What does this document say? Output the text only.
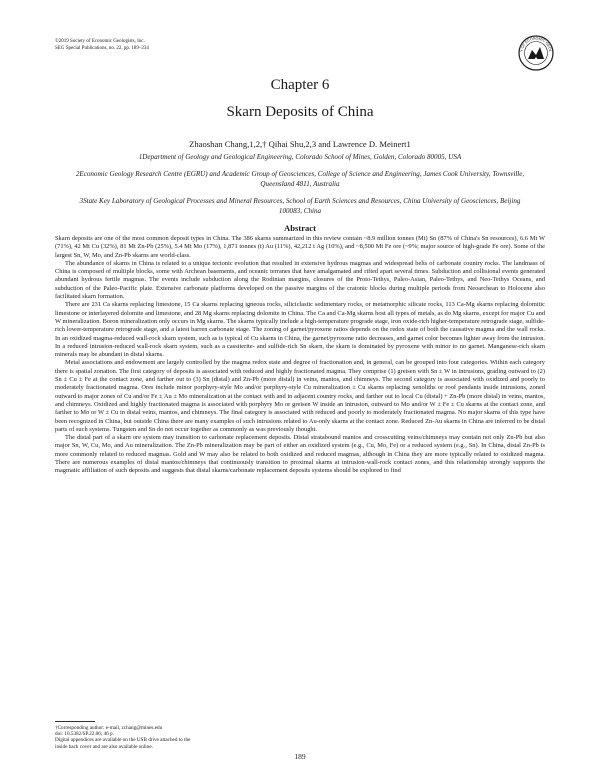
©2019 Society of Economic Geologists, Inc.
SEG Special Publications, no. 22, pp. 189–234
Y OF ECONOMIC GEOL
Chapter 6
Skarn Deposits of China
Zhaoshan Chang,1,2,† Qihai Shu,2,3 and Lawrence D. Meinert1
1Department of Geology and Geological Engineering, Colorado School of Mines, Golden, Colorado 80005, USA
2Economic Geology Research Centre (EGRU) and Academic Group of Geosciences, College of Science and Engineering, James Cook University, Townsville, Queensland 4811, Australia
3State Key Laboratory of Geological Processes and Mineral Resources, School of Earth Sciences and Resources, China University of Geosciences, Beijing 100083, China
Abstract

Skarn deposits are one of the most common deposit types in China. The 386 skarns summarized in this review contain ~8.9 million tonnes (Mt) Sn (87% of China's Sn resources), 6.6 Mt W (71%), 42 Mt Cu (32%), 81 Mt Zn-Pb (25%), 5.4 Mt Mo (17%), 1,871 tonnes (t) Au (11%), 42,212 t Ag (10%), and ~8,500 Mt Fe ore (~9%; major source of high-grade Fe ore). Some of the largest Sn, W, Mo, and Zn-Pb skarns are world-class.

The abundance of skarns in China is related to a unique tectonic evolution that resulted in extensive hydrous magmas and widespread belts of carbonate country rocks. The landmass of China is composed of multiple blocks, some with Archean basements, and oceanic terranes that have amalgamated and rifted apart several times. Subduction and collisional events generated abundant hydrous fertile magmas. The events include subduction along the Rodinian margins, closures of the Proto-Tethys, Paleo-Asian, Paleo-Tethys, and Neo-Tethys Oceans, and subduction of the Paleo-Pacific plate. Extensive carbonate platforms developed on the passive margins of the cratonic blocks during multiple periods from Neoarchean to Holocene also facilitated skarn formation.

There are 231 Ca skarns replacing limestone, 15 Ca skarns replacing igneous rocks, siliciclastic sedimentary rocks, or metamorphic silicate rocks, 113 Ca-Mg skarns replacing dolomitic limestone or interlayered dolomite and limestone, and 28 Mg skarns replacing dolomite in China. The Ca and Ca-Mg skarns host all types of metals, as do Mg skarns, except for major Cu and W mineralization. Boron mineralization only occurs in Mg skarns. The skarns typically include a high-temperature prograde stage, iron oxide-rich higher-temperature retrograde stage, sulfide-rich lower-temperature retrograde stage, and a latest barren carbonate stage. The zoning of garnet/pyroxene ratios depends on the redox state of both the causative magma and the wall rocks. In an oxidized magma-reduced wall-rock skarn system, such as is typical of Cu skarns in China, the garnet/pyroxene ratio decreases, and garnet color becomes lighter away from the intrusion. In a reduced intrusion-reduced wall-rock skarn system, such as a cassiterite- and sulfide-rich Sn skarn, the skarn is dominated by pyroxene with minor to no garnet. Manganese-rich skarn minerals may be abundant in distal skarns.

Metal associations and endowment are largely controlled by the magma redox state and degree of fractionation and, in general, can be grouped into four categories. Within each category there is spatial zonation. The first category of deposits is associated with reduced and highly fractionated magma. They comprise (1) greisen with Sn ± W in intrusions, grading outward to (2) Sn ± Cu ± Fe at the contact zone, and farther out to (3) Sn (distal) and Zn-Pb (more distal) in veins, mantos, and chimneys. The second category is associated with oxidized and poorly to moderately fractionated magma. Ores include minor porphyry-style Mo and/or porphyry-style Cu mineralization ± Cu skarns replacing xenoliths or roof pendants inside intrusions, zoned outward to major zones of Cu and/or Fe ± Au ± Mo mineralization at the contact with and in adjacent country rocks, and farther out to local Cu (distal) + Zn-Pb (more distal) in veins, mantos, and chimneys. Oxidized and highly fractionated magma is associated with porphyry Mo or greisen W inside an intrusion, outward to Mo and/or W ± Fe ± Cu skarns at the contact zone, and farther to Mo or W ± Cu in distal veins, mantos, and chimneys. The final category is associated with reduced and poorly to moderately fractionated magma. No major skarns of this type have been recognized in China, but outside China there are many examples of such intrusions related to Au-only skarns at the contact zone. Reduced Zn-Au skarns in China are inferred to be distal parts of such systems. Tungsten and Sn do not occur together as commonly as was previously thought.

The distal part of a skarn ore system may transition to carbonate replacement deposits. Distal stratabound mantos and crosscutting veins/chimneys may contain not only Zn-Pb but also major Sn, W, Cu, Mo, and Au mineralization. The Zn-Pb mineralization may be part of either an oxidized system (e.g., Cu, Mo, Fe) or a reduced system (e.g., Sn). In China, distal Zn-Pb is more commonly related to reduced magmas. Gold and W may also be related to both oxidized and reduced magmas, although in China they are more typically related to oxidized magma. There are numerous examples of distal mantos/chimneys that continuously transition to proximal skarns at intrusion-wall-rock contact zones, and this relationship strongly supports the magmatic affiliation of such deposits and suggests that distal skarns/carbonate replacement deposits systems should be explored to find

†Corresponding author: e-mail, zchang@mines.edu
doi: 10.5382/SP.22.06; 46 p.
Digital appendices are available on the USB drive attached to the
inside back cover and are also available online.
189
